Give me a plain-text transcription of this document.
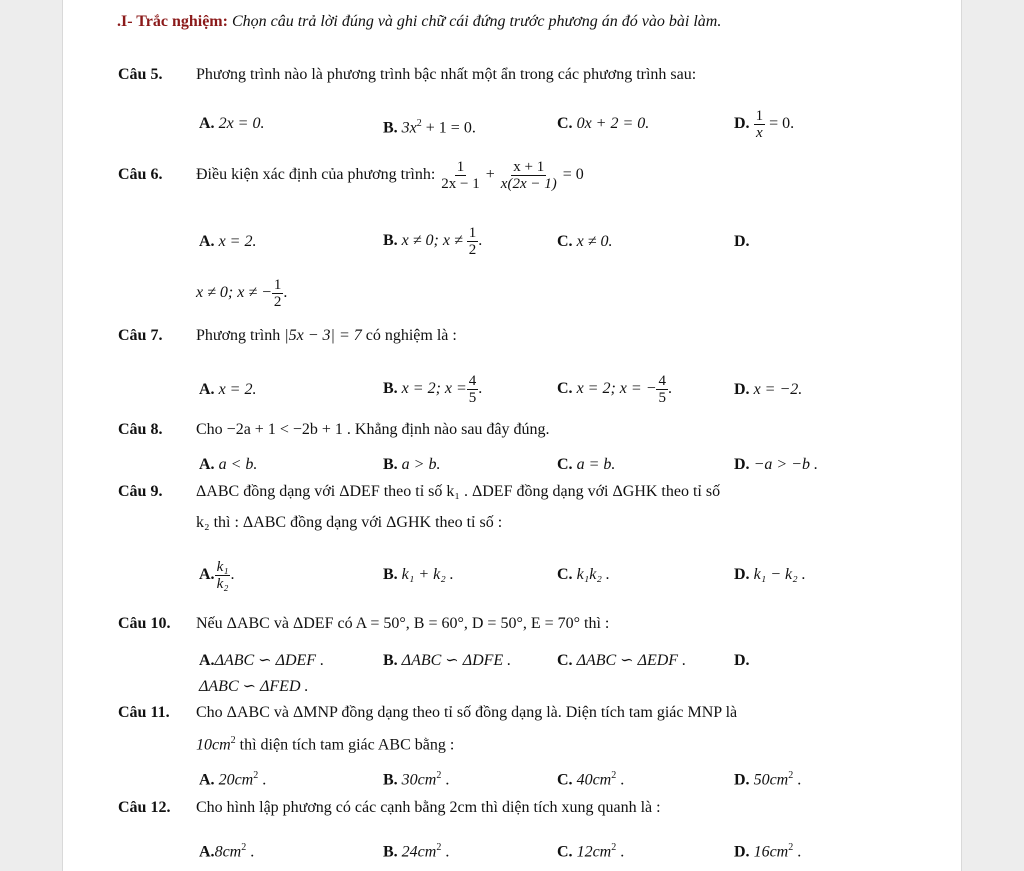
.I- Trắc nghiệm: Chọn câu trả lời đúng và ghi chữ cái đứng trước phương án đó vào bài làm.
Câu 5. Phương trình nào là phương trình bậc nhất một ẩn trong các phương trình sau:
A. 2x = 0.	B. $3x^2 + 1 = 0$.	C. 0x + 2 = 0.	D. $\frac{1}{x} = 0$.
Câu 6. Điều kiện xác định của phương trình: $\frac{1}{2x - 1} + \frac{x + 1}{x(2x - 1)} = 0$
A. x = 2.	B. x ≠ 0; $x \ne \frac{1}{2}$ .	C. x ≠ 0.	D.
x ≠ 0; x ≠ − $\frac{1}{2}$ .
Câu 7. Phương trình |5x − 3| = 7 có nghiệm là :
A. x = 2.	B. x = 2; $x = \frac{4}{5}$ .	C. x = 2; x = − $\frac{4}{5}$ .	D. x = −2.
Câu 8. Cho −2a + 1 < −2b + 1 . Khẳng định nào sau đây đúng.
A. a < b.	B. a > b.	C. a = b.	D. −a > −b .
Câu 9. ΔABC đồng dạng với ΔDEF theo tỉ số k₁ . ΔDEF đồng dạng với ΔGHK theo tỉ số
k₂ thì : ΔABC đồng dạng với ΔGHK theo tỉ số :
A. $\frac{\text{k₁}}{\text{k₂}}$ .	B. k₁ + k₂ .	C. k₁k₂ .	D. k₁ − k₂ .
Câu 10. Nếu ΔABC và ΔDEF có A = 50°, B = 60°, D = 50°, E = 70° thì :
A.ΔABC ∽ ΔDEF .	B. ΔABC ∽ ΔDFE .	C. ΔABC ∽ ΔEDF .	D.
ΔABC ∽ ΔFED .
Câu 11. Cho ΔABC và ΔMNP đồng dạng theo tỉ số đồng dạng là. Diện tích tam giác MNP là
$10cm^2$ thì diện tích tam giác ABC bằng :
A. $20cm^2$ .	B. $30cm^2$ .	C. $40cm^2$ .	D. $50cm^2$ .
Câu 12. Cho hình lập phương có các cạnh bằng 2cm thì diện tích xung quanh là :
$A.8cm^2$ .	B. $24cm^2$ .	C. $12cm^2$ .	D. $16cm^2$ .
